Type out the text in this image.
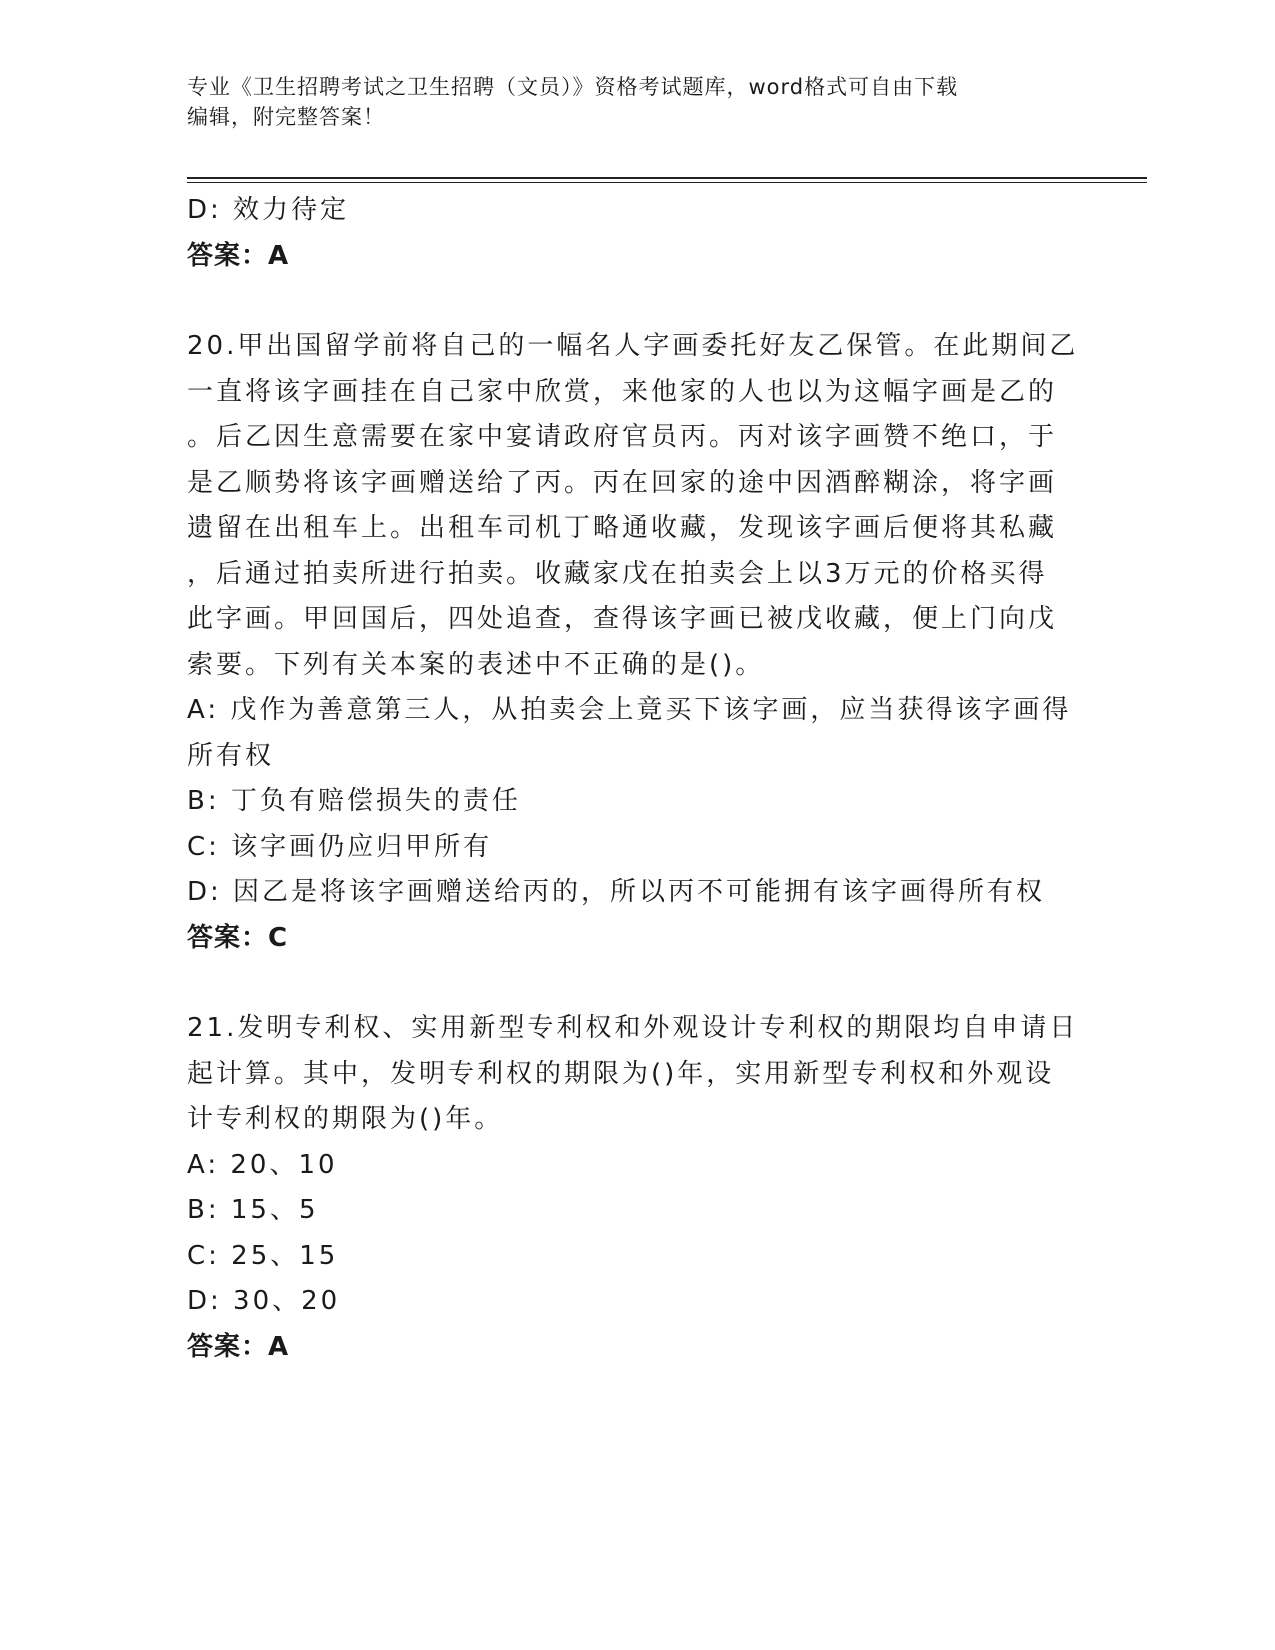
专业《卫生招聘考试之卫生招聘（文员）》资格考试题库，word格式可自由下载
编辑，附完整答案！
D: 效力待定
答案：A
20.甲出国留学前将自己的一幅名人字画委托好友乙保管。在此期间乙
一直将该字画挂在自己家中欣赏，来他家的人也以为这幅字画是乙的
。后乙因生意需要在家中宴请政府官员丙。丙对该字画赞不绝口，于
是乙顺势将该字画赠送给了丙。丙在回家的途中因酒醉糊涂，将字画
遗留在出租车上。出租车司机丁略通收藏，发现该字画后便将其私藏
，后通过拍卖所进行拍卖。收藏家戊在拍卖会上以3万元的价格买得
此字画。甲回国后，四处追查，查得该字画已被戊收藏，便上门向戊
索要。下列有关本案的表述中不正确的是()。
A: 戊作为善意第三人，从拍卖会上竟买下该字画，应当获得该字画得
所有权
B: 丁负有赔偿损失的责任
C: 该字画仍应归甲所有
D: 因乙是将该字画赠送给丙的，所以丙不可能拥有该字画得所有权
答案：C
21.发明专利权、实用新型专利权和外观设计专利权的期限均自申请日
起计算。其中，发明专利权的期限为()年，实用新型专利权和外观设
计专利权的期限为()年。
A: 20、10
B: 15、5
C: 25、15
D: 30、20
答案：A
